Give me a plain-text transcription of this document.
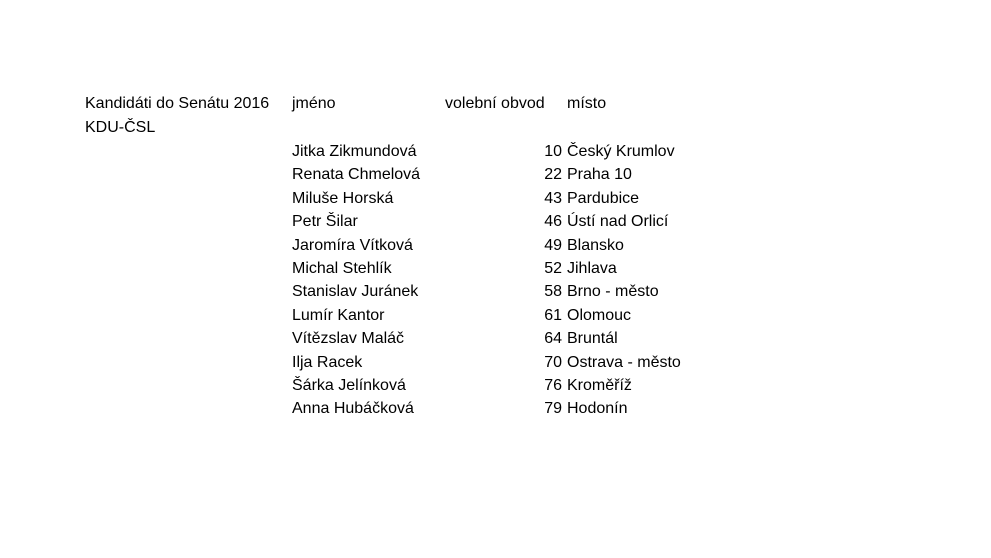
Kandidáti do Senátu 2016
KDU-ČSL
jméno	volební obvod místo
Jitka Zikmundová	10 Český Krumlov
Renata Chmelová	22 Praha 10
Miluše Horská	43 Pardubice
Petr Šilar	46 Ústí nad Orlicí
Jaromíra Vítková	49 Blansko
Michal Stehlík	52 Jihlava
Stanislav Juránek	58 Brno - město
Lumír Kantor	61 Olomouc
Vítězslav Maláč	64 Bruntál
Ilja Racek	70 Ostrava - město
Šárka Jelínková	76 Kroměříž
Anna Hubáčková	79 Hodonín
